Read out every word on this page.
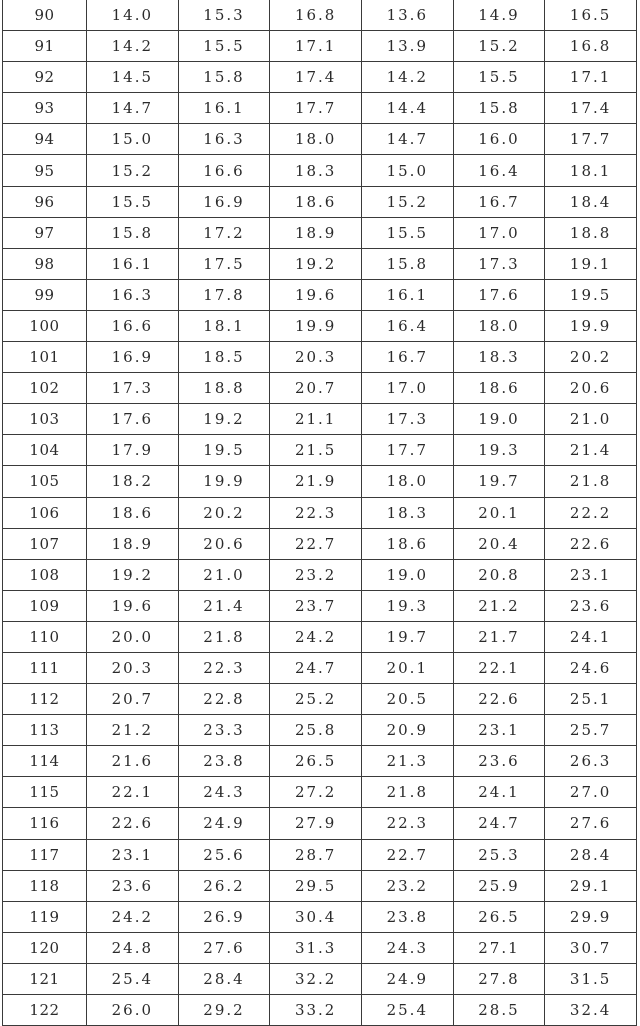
90	14.0	15.3	16.8	13.6	14.9	16.5
91	14.2	15.5	17.1	13.9	15.2	16.8
92	14.5	15.8	17.4	14.2	15.5	17.1
93	14.7	16.1	17.7	14.4	15.8	17.4
94	15.0	16.3	18.0	14.7	16.0	17.7
95	15.2	16.6	18.3	15.0	16.4	18.1
96	15.5	16.9	18.6	15.2	16.7	18.4
97	15.8	17.2	18.9	15.5	17.0	18.8
98	16.1	17.5	19.2	15.8	17.3	19.1
99	16.3	17.8	19.6	16.1	17.6	19.5
100	16.6	18.1	19.9	16.4	18.0	19.9
101	16.9	18.5	20.3	16.7	18.3	20.2
102	17.3	18.8	20.7	17.0	18.6	20.6
103	17.6	19.2	21.1	17.3	19.0	21.0
104	17.9	19.5	21.5	17.7	19.3	21.4
105	18.2	19.9	21.9	18.0	19.7	21.8
106	18.6	20.2	22.3	18.3	20.1	22.2
107	18.9	20.6	22.7	18.6	20.4	22.6
108	19.2	21.0	23.2	19.0	20.8	23.1
109	19.6	21.4	23.7	19.3	21.2	23.6
110	20.0	21.8	24.2	19.7	21.7	24.1
111	20.3	22.3	24.7	20.1	22.1	24.6
112	20.7	22.8	25.2	20.5	22.6	25.1
113	21.2	23.3	25.8	20.9	23.1	25.7
114	21.6	23.8	26.5	21.3	23.6	26.3
115	22.1	24.3	27.2	21.8	24.1	27.0
116	22.6	24.9	27.9	22.3	24.7	27.6
117	23.1	25.6	28.7	22.7	25.3	28.4
118	23.6	26.2	29.5	23.2	25.9	29.1
119	24.2	26.9	30.4	23.8	26.5	29.9
120	24.8	27.6	31.3	24.3	27.1	30.7
121	25.4	28.4	32.2	24.9	27.8	31.5
122	26.0	29.2	33.2	25.4	28.5	32.4
